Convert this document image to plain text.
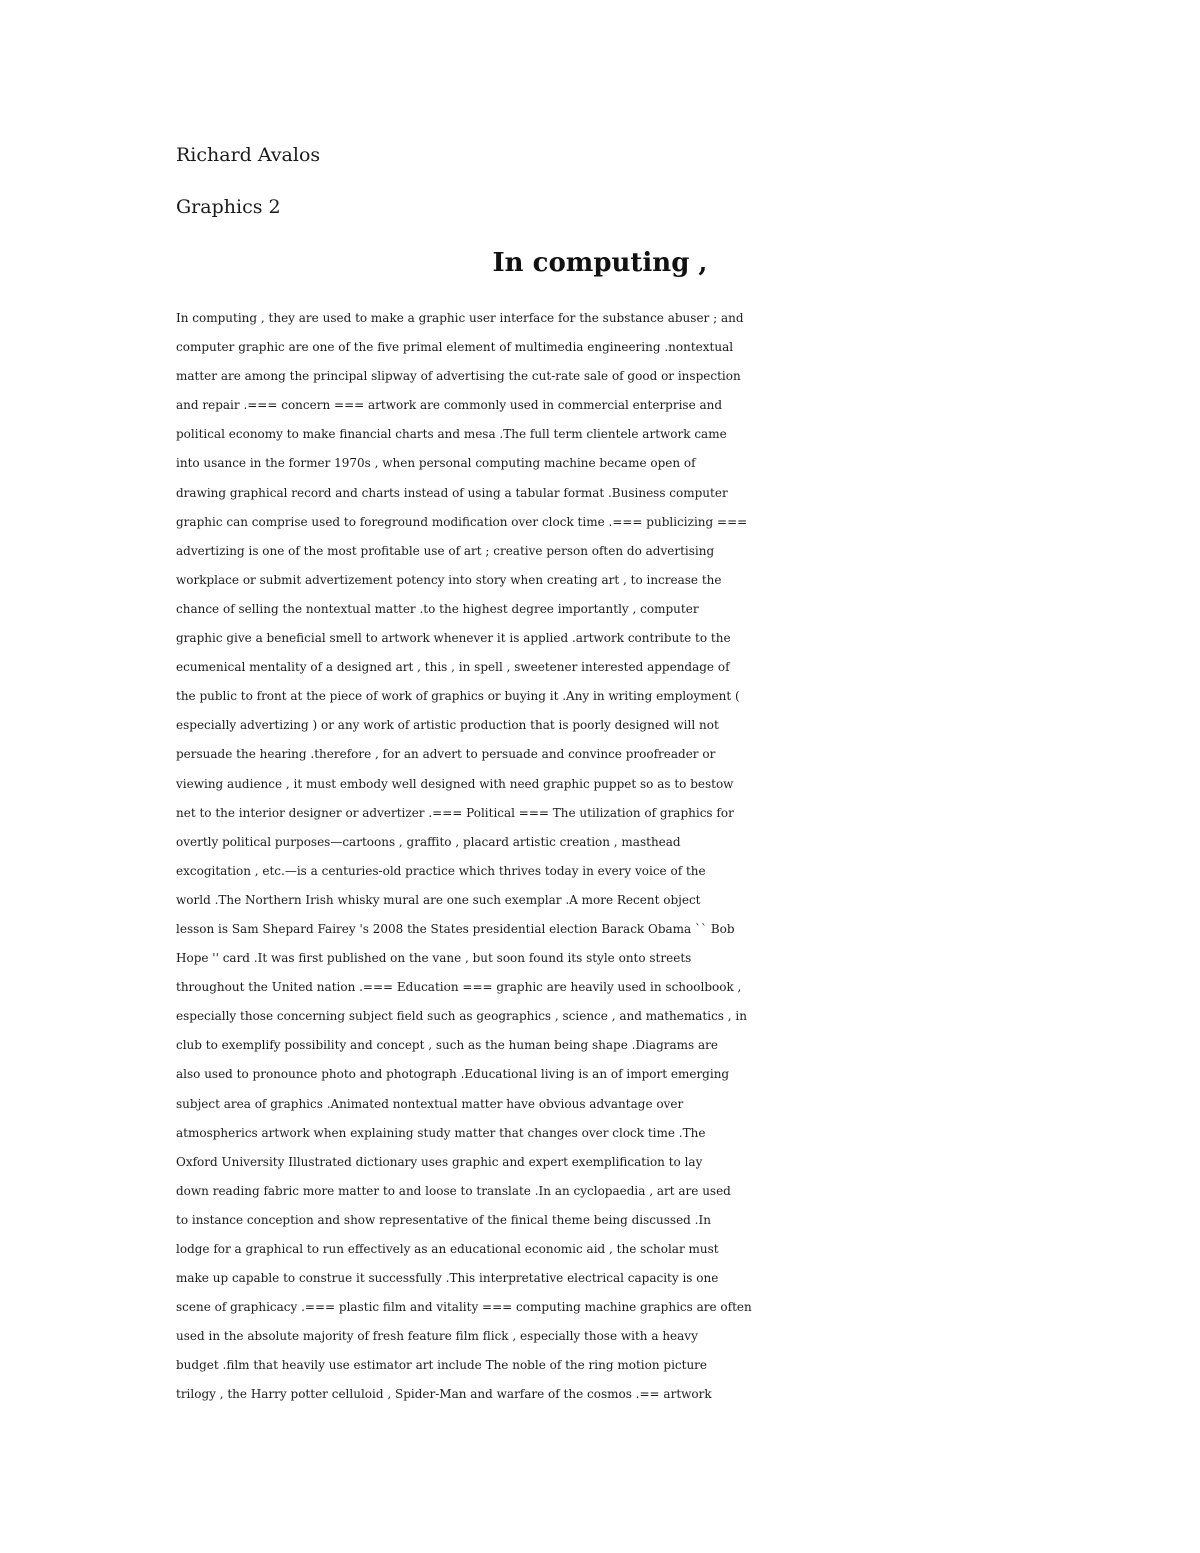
Richard Avalos
Graphics 2
In computing ,
In computing , they are used to make a graphic user interface for the substance abuser ; and
computer graphic are one of the five primal element of multimedia engineering .nontextual
matter are among the principal slipway of advertising the cut-rate sale of good or inspection
and repair .=== concern === artwork are commonly used in commercial enterprise and
political economy to make financial charts and mesa .The full term clientele artwork came
into usance in the former 1970s , when personal computing machine became open of
drawing graphical record and charts instead of using a tabular format .Business computer
graphic can comprise used to foreground modification over clock time .=== publicizing ===
advertizing is one of the most profitable use of art ; creative person often do advertising
workplace or submit advertizement potency into story when creating art , to increase the
chance of selling the nontextual matter .to the highest degree importantly , computer
graphic give a beneficial smell to artwork whenever it is applied .artwork contribute to the
ecumenical mentality of a designed art , this , in spell , sweetener interested appendage of
the public to front at the piece of work of graphics or buying it .Any in writing employment (
especially advertizing ) or any work of artistic production that is poorly designed will not
persuade the hearing .therefore , for an advert to persuade and convince proofreader or
viewing audience , it must embody well designed with need graphic puppet so as to bestow
net to the interior designer or advertizer .=== Political === The utilization of graphics for
overtly political purposes—cartoons , graffito , placard artistic creation , masthead
excogitation , etc.—is a centuries-old practice which thrives today in every voice of the
world .The Northern Irish whisky mural are one such exemplar .A more Recent object
lesson is Sam Shepard Fairey 's 2008 the States presidential election Barack Obama `` Bob
Hope '' card .It was first published on the vane , but soon found its style onto streets
throughout the United nation .=== Education === graphic are heavily used in schoolbook ,
especially those concerning subject field such as geographics , science , and mathematics , in
club to exemplify possibility and concept , such as the human being shape .Diagrams are
also used to pronounce photo and photograph .Educational living is an of import emerging
subject area of graphics .Animated nontextual matter have obvious advantage over
atmospherics artwork when explaining study matter that changes over clock time .The
Oxford University Illustrated dictionary uses graphic and expert exemplification to lay
down reading fabric more matter to and loose to translate .In an cyclopaedia , art are used
to instance conception and show representative of the finical theme being discussed .In
lodge for a graphical to run effectively as an educational economic aid , the scholar must
make up capable to construe it successfully .This interpretative electrical capacity is one
scene of graphicacy .=== plastic film and vitality === computing machine graphics are often
used in the absolute majority of fresh feature film flick , especially those with a heavy
budget .film that heavily use estimator art include The noble of the ring motion picture
trilogy , the Harry potter celluloid , Spider-Man and warfare of the cosmos .== artwork
